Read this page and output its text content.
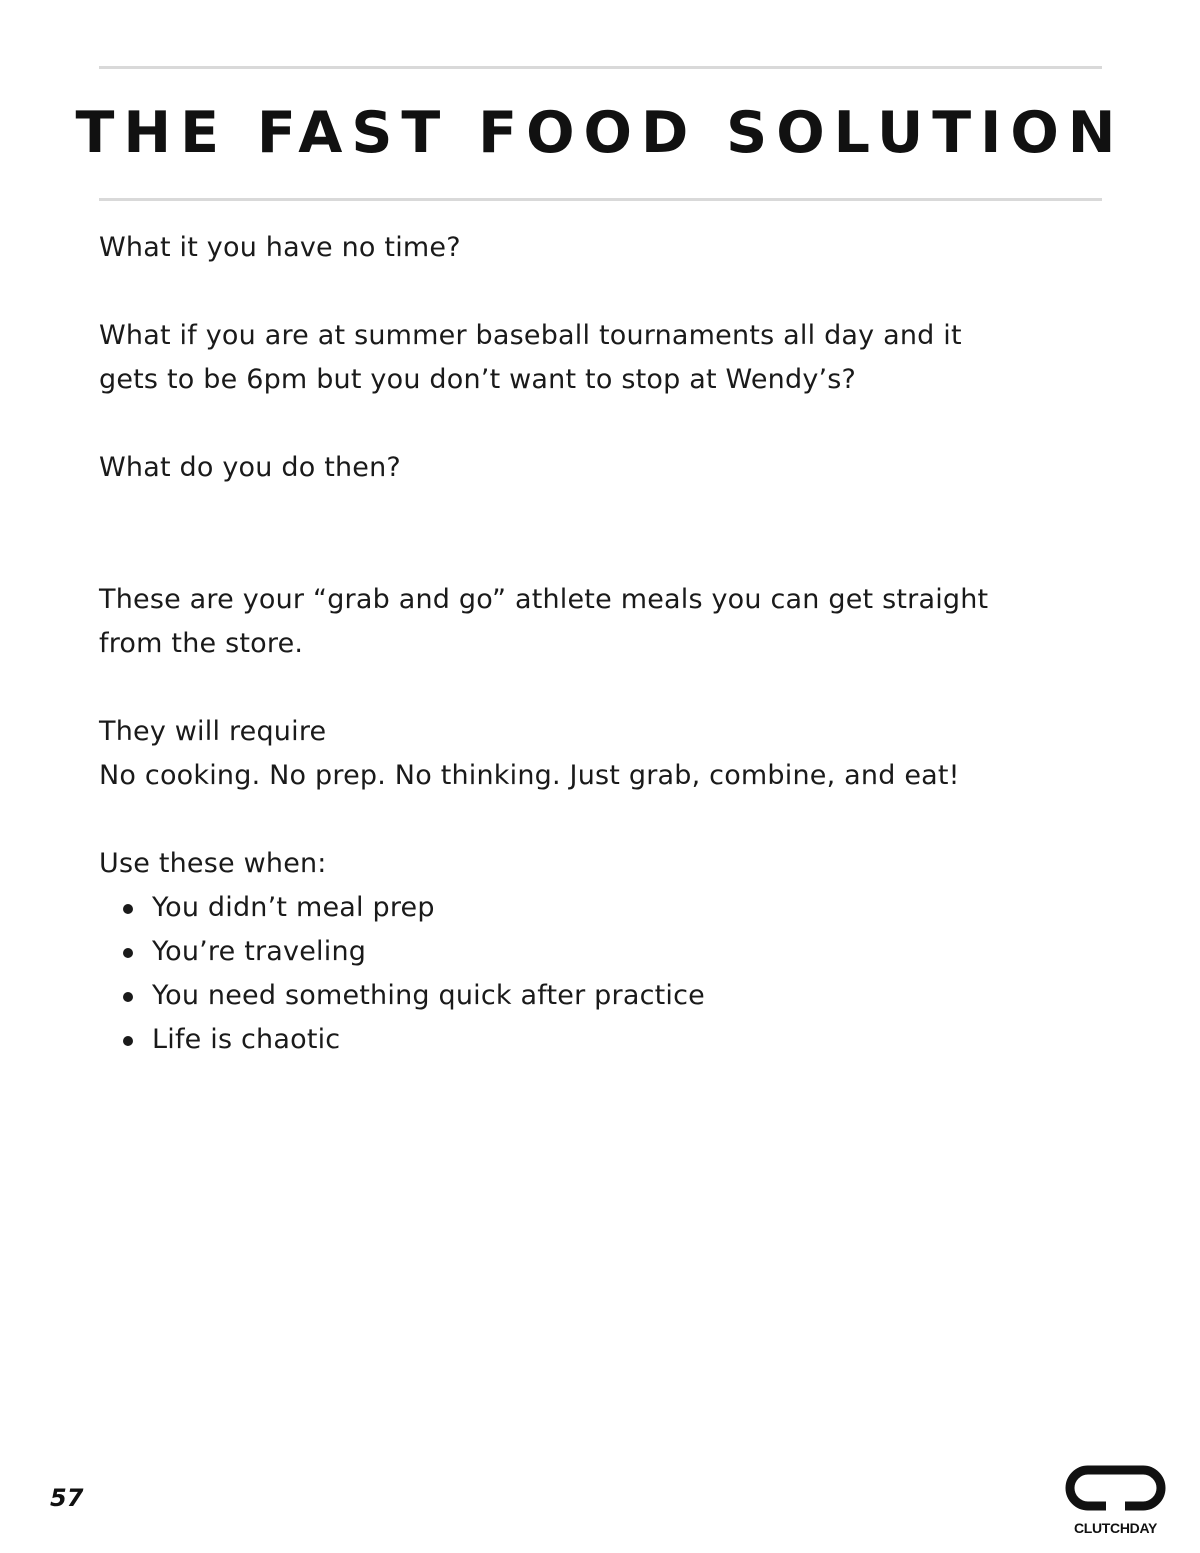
THE FAST FOOD SOLUTION

What it you have no time?

What if you are at summer baseball tournaments all day and it

gets to be 6pm but you don’t want to stop at Wendy’s?

What do you do then?

These are your “grab and go” athlete meals you can get straight

from the store.

They will require

No cooking. No prep. No thinking. Just grab, combine, and eat!

Use these when:

You didn’t meal prep
You’re traveling
You need something quick after practice
Life is chaotic
57
CLUTCHDAY
